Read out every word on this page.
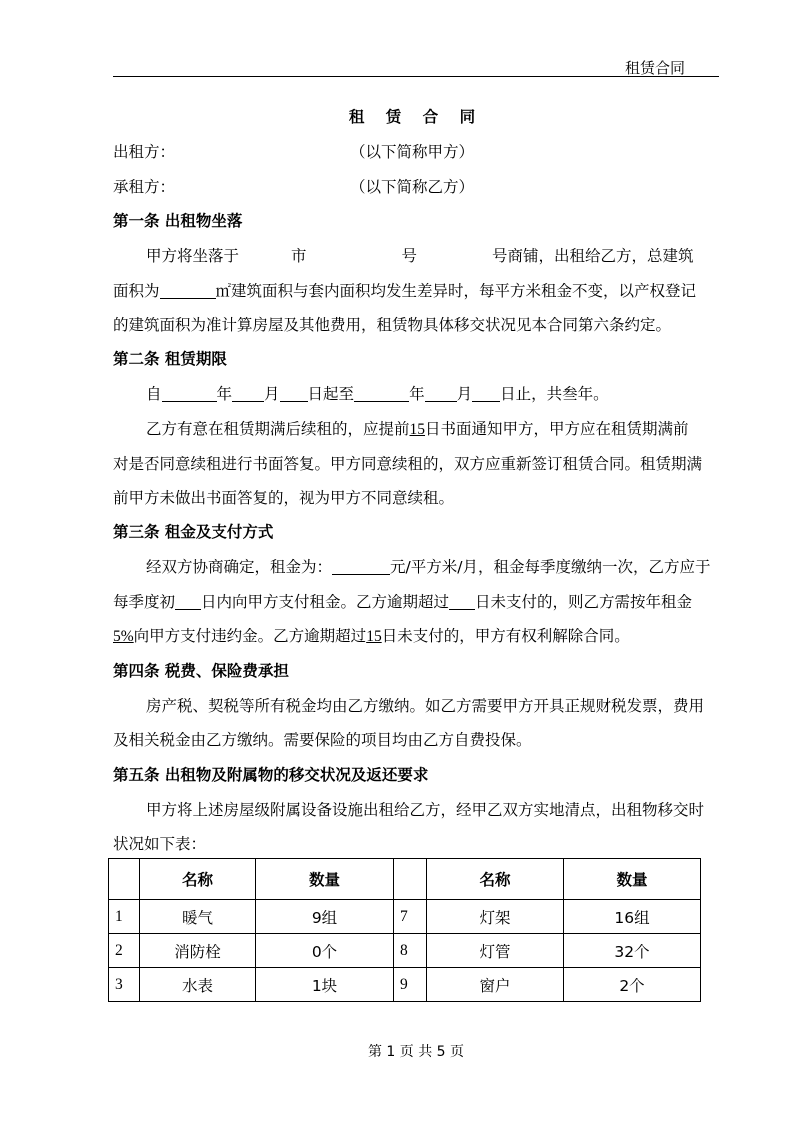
租赁合同
租 赁 合 同
出租方：	（以下简称甲方）
承租方：	（以下简称乙方）
第一条 出租物坐落
甲方将坐落于	市	号	号商铺，出租给乙方，总建筑
面积为	㎡建筑面积与套内面积均发生差异时，每平方米租金不变，以产权登记
的建筑面积为准计算房屋及其他费用，租赁物具体移交状况见本合同第六条约定。
第二条 租赁期限
自	年 月 日起至	年 月 日止，共叁年。
乙方有意在租赁期满后续租的，应提前15日书面通知甲方，甲方应在租赁期满前
对是否同意续租进行书面答复。甲方同意续租的，双方应重新签订租赁合同。租赁期满
前甲方未做出书面答复的，视为甲方不同意续租。
第三条 租金及支付方式
经双方协商确定，租金为：	元/平方米/月，租金每季度缴纳一次，乙方应于
每季度初 日内向甲方支付租金。乙方逾期超过 日未支付的，则乙方需按年租金
5%向甲方支付违约金。乙方逾期超过15日未支付的，甲方有权利解除合同。
第四条 税费、保险费承担
房产税、契税等所有税金均由乙方缴纳。如乙方需要甲方开具正规财税发票，费用
及相关税金由乙方缴纳。需要保险的项目均由乙方自费投保。
第五条 出租物及附属物的移交状况及返还要求
甲方将上述房屋级附属设备设施出租给乙方，经甲乙双方实地清点，出租物移交时
状况如下表：
	名称	数量		名称	数量
1	暖气	9组	7	灯架	16组
2	消防栓	0个	8	灯管	32个
3	水表	1块	9	窗户	2个
第 1 页 共 5 页
